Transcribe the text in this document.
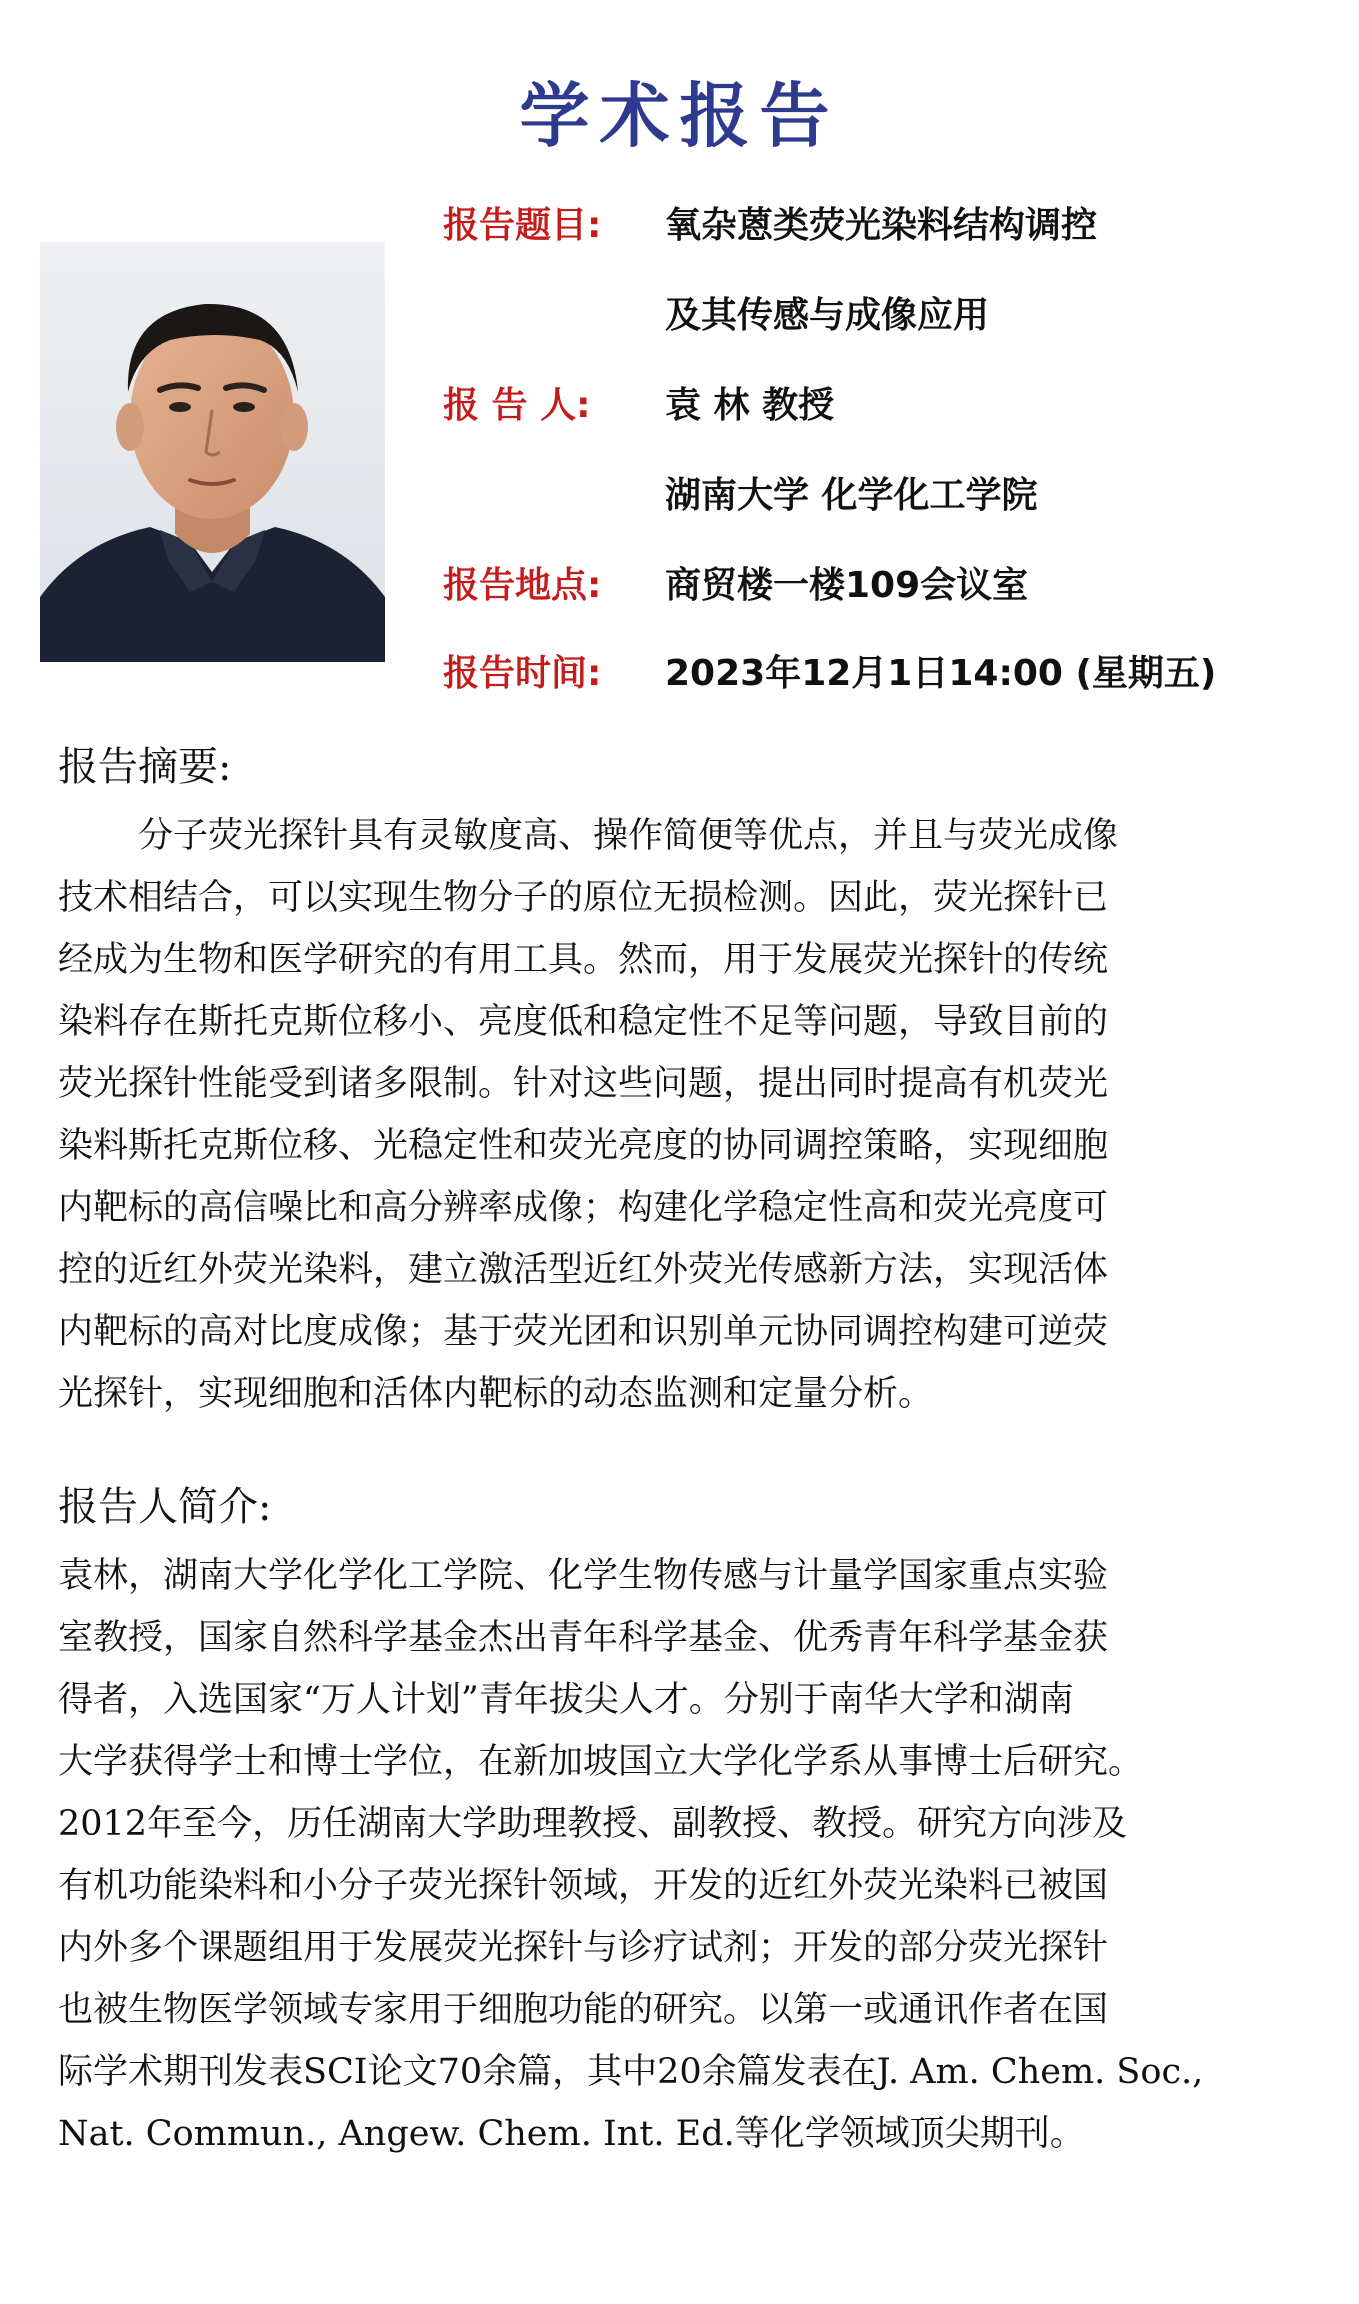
学术报告
报告题目: 氧杂蒽类荧光染料结构调控
及其传感与成像应用
报 告 人: 袁 林 教授
湖南大学 化学化工学院
报告地点: 商贸楼一楼109会议室
报告时间: 2023年12月1日14:00 (星期五)
报告摘要:
分子荧光探针具有灵敏度高、操作简便等优点，并且与荧光成像
技术相结合，可以实现生物分子的原位无损检测。因此，荧光探针已
经成为生物和医学研究的有用工具。然而，用于发展荧光探针的传统
染料存在斯托克斯位移小、亮度低和稳定性不足等问题，导致目前的
荧光探针性能受到诸多限制。针对这些问题，提出同时提高有机荧光
染料斯托克斯位移、光稳定性和荧光亮度的协同调控策略，实现细胞
内靶标的高信噪比和高分辨率成像；构建化学稳定性高和荧光亮度可
控的近红外荧光染料，建立激活型近红外荧光传感新方法，实现活体
内靶标的高对比度成像；基于荧光团和识别单元协同调控构建可逆荧
光探针，实现细胞和活体内靶标的动态监测和定量分析。
报告人简介:
袁林，湖南大学化学化工学院、化学生物传感与计量学国家重点实验
室教授，国家自然科学基金杰出青年科学基金、优秀青年科学基金获
得者，入选国家“万人计划”青年拔尖人才。分别于南华大学和湖南
大学获得学士和博士学位，在新加坡国立大学化学系从事博士后研究。
2012年至今，历任湖南大学助理教授、副教授、教授。研究方向涉及
有机功能染料和小分子荧光探针领域，开发的近红外荧光染料已被国
内外多个课题组用于发展荧光探针与诊疗试剂；开发的部分荧光探针
也被生物医学领域专家用于细胞功能的研究。以第一或通讯作者在国
际学术期刊发表SCI论文70余篇，其中20余篇发表在J. Am. Chem. Soc.,
Nat. Commun., Angew. Chem. Int. Ed.等化学领域顶尖期刊。
